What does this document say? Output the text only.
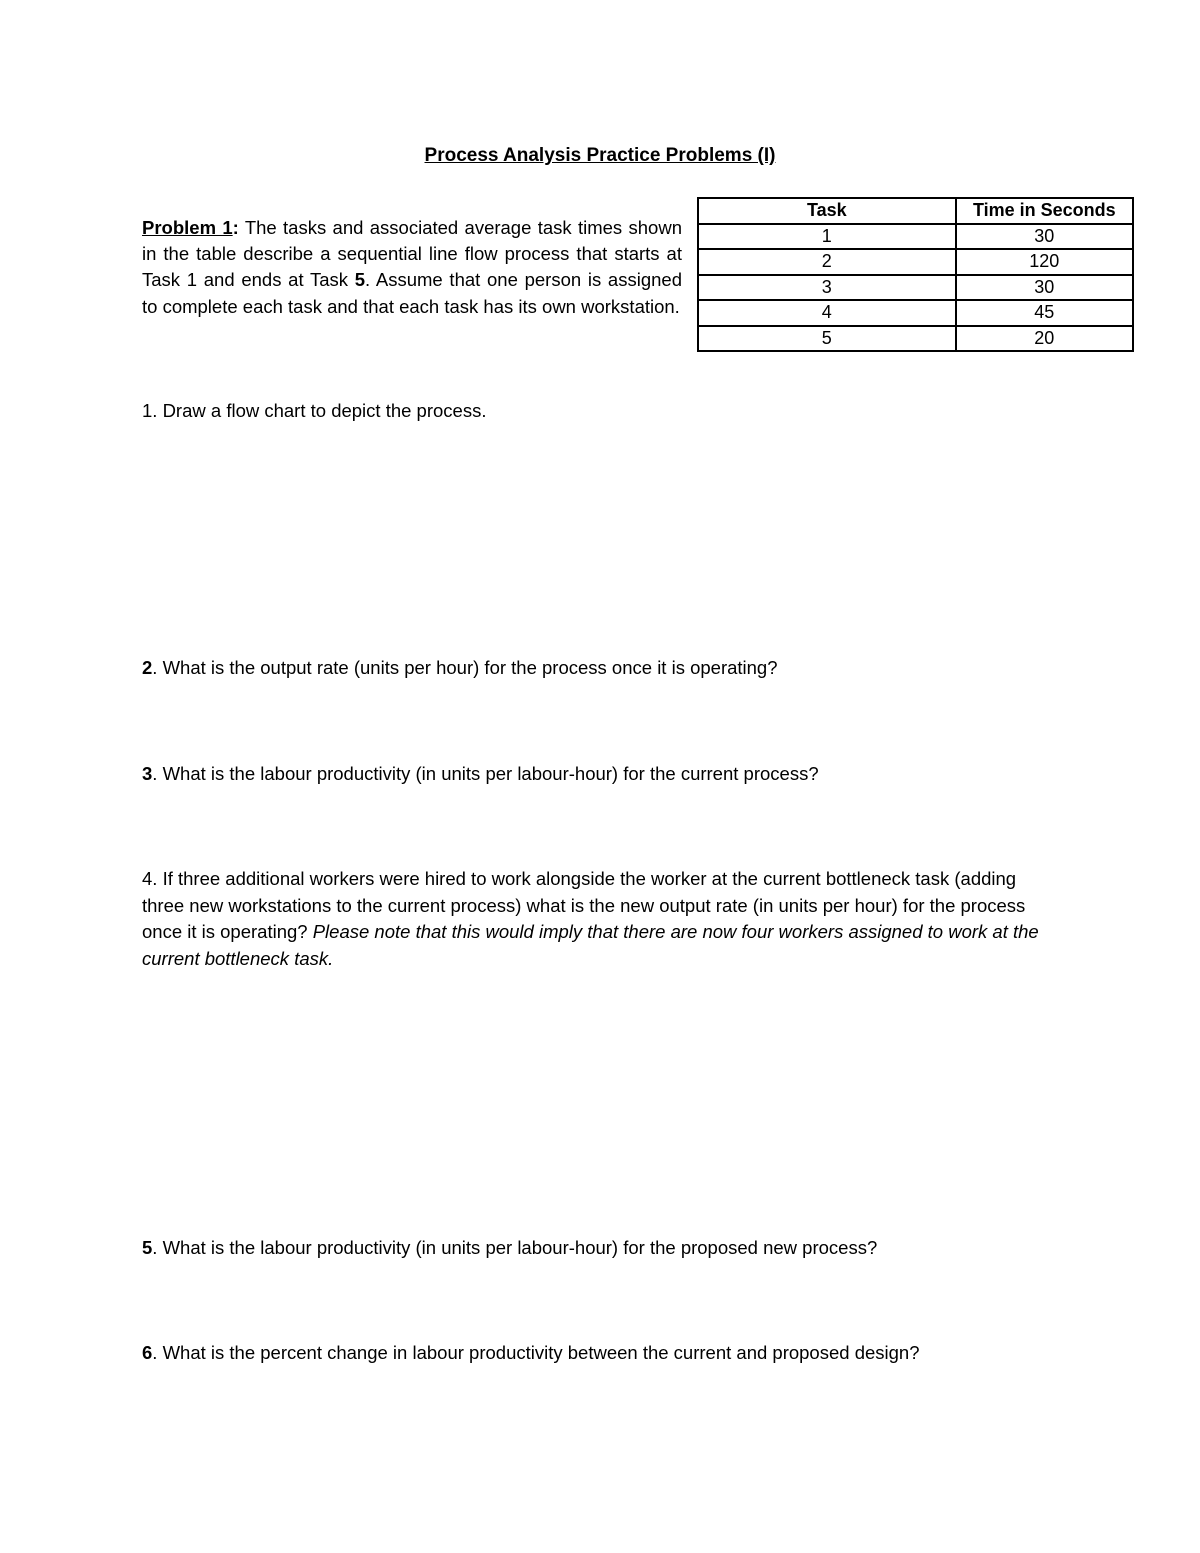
Process Analysis Practice Problems (I)
Problem 1: The tasks and associated average task times shown in the table describe a sequential line flow process that starts at Task 1 and ends at Task 5. Assume that one person is assigned to complete each task and that each task has its own workstation.
Task	Time in Seconds
1	30
2	120
3	30
4	45
5	20
1. Draw a flow chart to depict the process.
2. What is the output rate (units per hour) for the process once it is operating?
3. What is the labour productivity (in units per labour-hour) for the current process?
4. If three additional workers were hired to work alongside the worker at the current bottleneck task (adding three new workstations to the current process) what is the new output rate (in units per hour) for the process once it is operating? Please note that this would imply that there are now four workers assigned to work at the current bottleneck task.
5. What is the labour productivity (in units per labour-hour) for the proposed new process?
6. What is the percent change in labour productivity between the current and proposed design?
